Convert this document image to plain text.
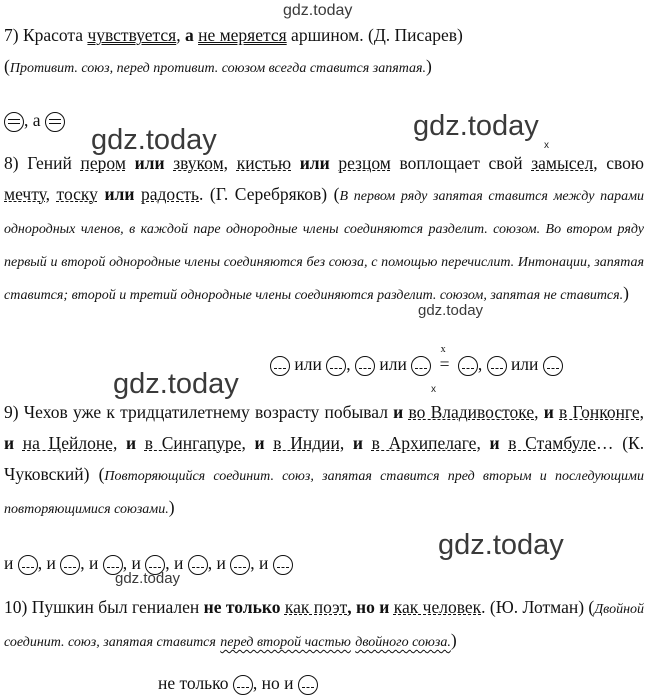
gdz.today
gdz.today	gdz.today
gdz.today
gdz.today
gdz.today
gdz.today
x
x
7) Красота чувствуется, а не меряется аршином. (Д. Писарев)
(Противит. союз, перед противит. союзом всегда ставится запятая.)
, а
8) Гений пером или звуком, кистью или резцом воплощает свой замысел, свою мечту, тоску или радость. (Г. Серебряков) (В первом ряду запятая ставится между парами однородных членов, в каждой паре однородные члены соединяются разделит. союзом. Во втором ряду первый и второй однородные члены соединяются без союза, с помощью перечислит. Интонации, запятая ставится; второй и третий однородные члены соединяются разделит. союзом, запятая не ставится.)
или , или
x
= , или
9) Чехов уже к тридцатилетнему возрасту побывал и во Владивостоке, и в Гонконге, и на Цейлоне, и в Сингапуре, и в Индии, и в Архипелаге, и в Стамбуле… (К. Чуковский) (Повторяющийся соединит. союз, запятая ставится пред вторым и последующими повторяющимися союзами.)
и , и , и , и , и , и , и
10) Пушкин был гениален не только как поэт, но и как человек. (Ю. Лотман) (Двойной соединит. союз, запятая ставится перед второй частью двойного союза.)
не только , но и
